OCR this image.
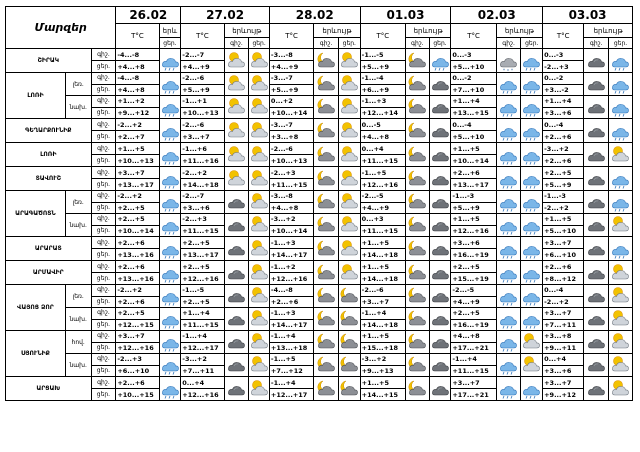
Մարզեր			26.02		27.02			28.02			01.03			02.03			03.03		
			T°C	երև	T°C	երևույթ		T°C	երևույթ		T°C	երևույթ		T°C	երևույթ		T°C	երևույթ	
				ցեր.		գիշ.	ցեր.		գիշ.	ցեր.		գիշ.	ցեր.		գիշ.	ցեր.		գիշ.	ցեր.
ՇԻՐԱԿ		գիշ.	-4...-8		-2...-7			-3...-8			-1...-5			0...-3			0...-3	

		ցեր.	+4...+8		+4...+9			+4...+9			+5...+9			+5...+10			-2...+3		
ԼՈՌԻ	լեռ.	գիշ.	-4...-8		-2...-6			-3...-7			-1...-4			0...-2			0...-2	

		ցեր.	+4...+8		+5...+9			+5...+9			+6...+9			+7...+10			+3...-2		
	նախ.	գիշ.	+1...+2		-1...+1			0...+2			-1...+3			+1...+4			+1...+4	

		ցեր.	+9...+12		+10...+13			+10...+14			+12...+14			+13...+15			+3...+6		
ԳԵՂԱՐՔՈՒՆԻՔ		գիշ.	-2...+2		-2...-6			-3...-7			0...-5			0...-4			0...-4	

		ցեր.	+2...+7		+3...+7			+3...+8			+4...+8			+5...+10			+2...+6		
ԼՈՌԻ		գիշ.	+1...+5		-1...+6			-2...-6			0...+4			+1...+5			-3...+2	

		ցեր.	+10...+13		+11...+16			+10...+13			+11...+15			+10...+14			+2...+6		
ՏԱՎՈՒՇ		գիշ.	+3...+7		-2...+2			-2...+3			-1...+5			+2...+6			+2...+5	

		ցեր.	+13...+17		+14...+18			+11...+15			+12...+16			+13...+17			+5...+9		
ԱՐԱԳԱԾՈՏՆ	լեռ.	գիշ.	-2...+2		-2...-7			-3...-8			-2...-5			-1...-3			-1...-3	

		ցեր.	+2...+5		+3...+6			+4...+8			+4...+9			+5...+9			-2...+2		
	նախ.	գիշ.	+2...+5		-2...+3			-3...+2			0...+3			+1...+5			+1...+5	

		ցեր.	+10...+14		+11...+15			+10...+14			+11...+15			+12...+16			+5...+10		
ԱՐԱՐԱՏ		գիշ.	+2...+6		+2...+5			-1...+3			+1...+5			+3...+6			+3...+7	

		ցեր.	+13...+16		+13...+17			+14...+17			+14...+18			+16...+19			+6...+10		
ԱՐՄԱՎԻՐ		գիշ.	+2...+6		+2...+5			-1...+2			+1...+5			+2...+5			+2...+6	

		ցեր.	+13...+16		+12...+16			+12...+16			+14...+18			+15...+19			+8...+12		
ՎԱՅՈՑ ՁՈՐ	լեռ.	գիշ.	-2...+2		-1...-5			-4...-8			-2...-6			-2...-5			0...-4	

		ցեր.	+2...+6		+2...+5			+2...+6			+3...+7			+4...+9			-2...+2		
	նախ.	գիշ.	+2...+5		+1...+4			-1...+3			-1...+4			+2...+5			+3...+7	

		ցեր.	+12...+15		+11...+15			+14...+17			+14...+18			+16...+19			+7...+11		
ՍՅՈՒՆԻՔ	հով.	գիշ.	+3...+7		-1...+4			-1...+4			+1...+5			+4...+8			+3...+8	

		ցեր.	+12...+16		+12...+17			+13...+18			+15...+18			+17...+21			+9...+11		
	նախ.	գիշ.	-2...+3		-3...+2			-1...+5			-3...+2			-1...+4			0...+4	

		ցեր.	+6...+10		+7...+11			+7...+12			+9...+13			+11...+15			+3...+6		
ԱՐՑԱԽ		գիշ.	+2...+6		0...+4			-1...+4			+1...+5			+3...+7			+3...+7	

		ցեր.	+10...+15		+12...+16			+12...+17			+14...+15			+17...+21			+9...+12		
